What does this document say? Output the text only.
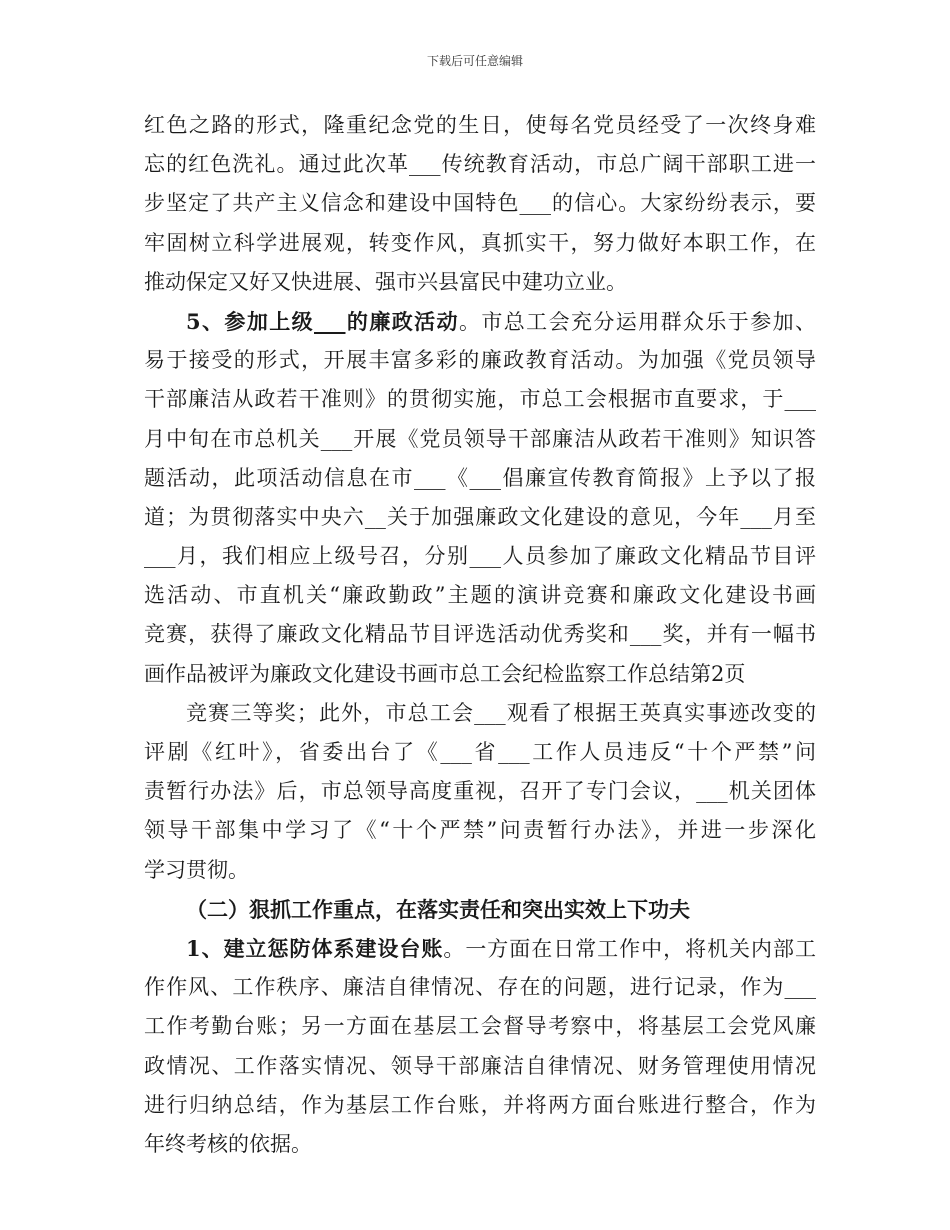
下载后可任意编辑
红色之路的形式，隆重纪念党的生日，使每名党员经受了一次终身难
忘的红色洗礼。通过此次革___传统教育活动，市总广阔干部职工进一
步坚定了共产主义信念和建设中国特色___的信心。大家纷纷表示，要
牢固树立科学进展观，转变作风，真抓实干，努力做好本职工作，在
推动保定又好又快进展、强市兴县富民中建功立业。
5、参加上级___的廉政活动。市总工会充分运用群众乐于参加、
易于接受的形式，开展丰富多彩的廉政教育活动。为加强《党员领导
干部廉洁从政若干准则》的贯彻实施，市总工会根据市直要求，于___
月中旬在市总机关___开展《党员领导干部廉洁从政若干准则》知识答
题活动，此项活动信息在市___《___倡廉宣传教育简报》上予以了报
道；为贯彻落实中央六__关于加强廉政文化建设的意见，今年___月至
___月，我们相应上级号召，分别___人员参加了廉政文化精品节目评
选活动、市直机关“廉政勤政”主题的演讲竞赛和廉政文化建设书画
竞赛，获得了廉政文化精品节目评选活动优秀奖和___奖，并有一幅书
画作品被评为廉政文化建设书画市总工会纪检监察工作总结第2页
竞赛三等奖；此外，市总工会___观看了根据王英真实事迹改变的
评剧《红叶》，省委出台了《___省___工作人员违反“十个严禁”问
责暂行办法》后，市总领导高度重视，召开了专门会议，___机关团体
领导干部集中学习了《“十个严禁”问责暂行办法》，并进一步深化
学习贯彻。
（二）狠抓工作重点，在落实责任和突出实效上下功夫
1、建立惩防体系建设台账。一方面在日常工作中，将机关内部工
作作风、工作秩序、廉洁自律情况、存在的问题，进行记录，作为___
工作考勤台账；另一方面在基层工会督导考察中，将基层工会党风廉
政情况、工作落实情况、领导干部廉洁自律情况、财务管理使用情况
进行归纳总结，作为基层工作台账，并将两方面台账进行整合，作为
年终考核的依据。
